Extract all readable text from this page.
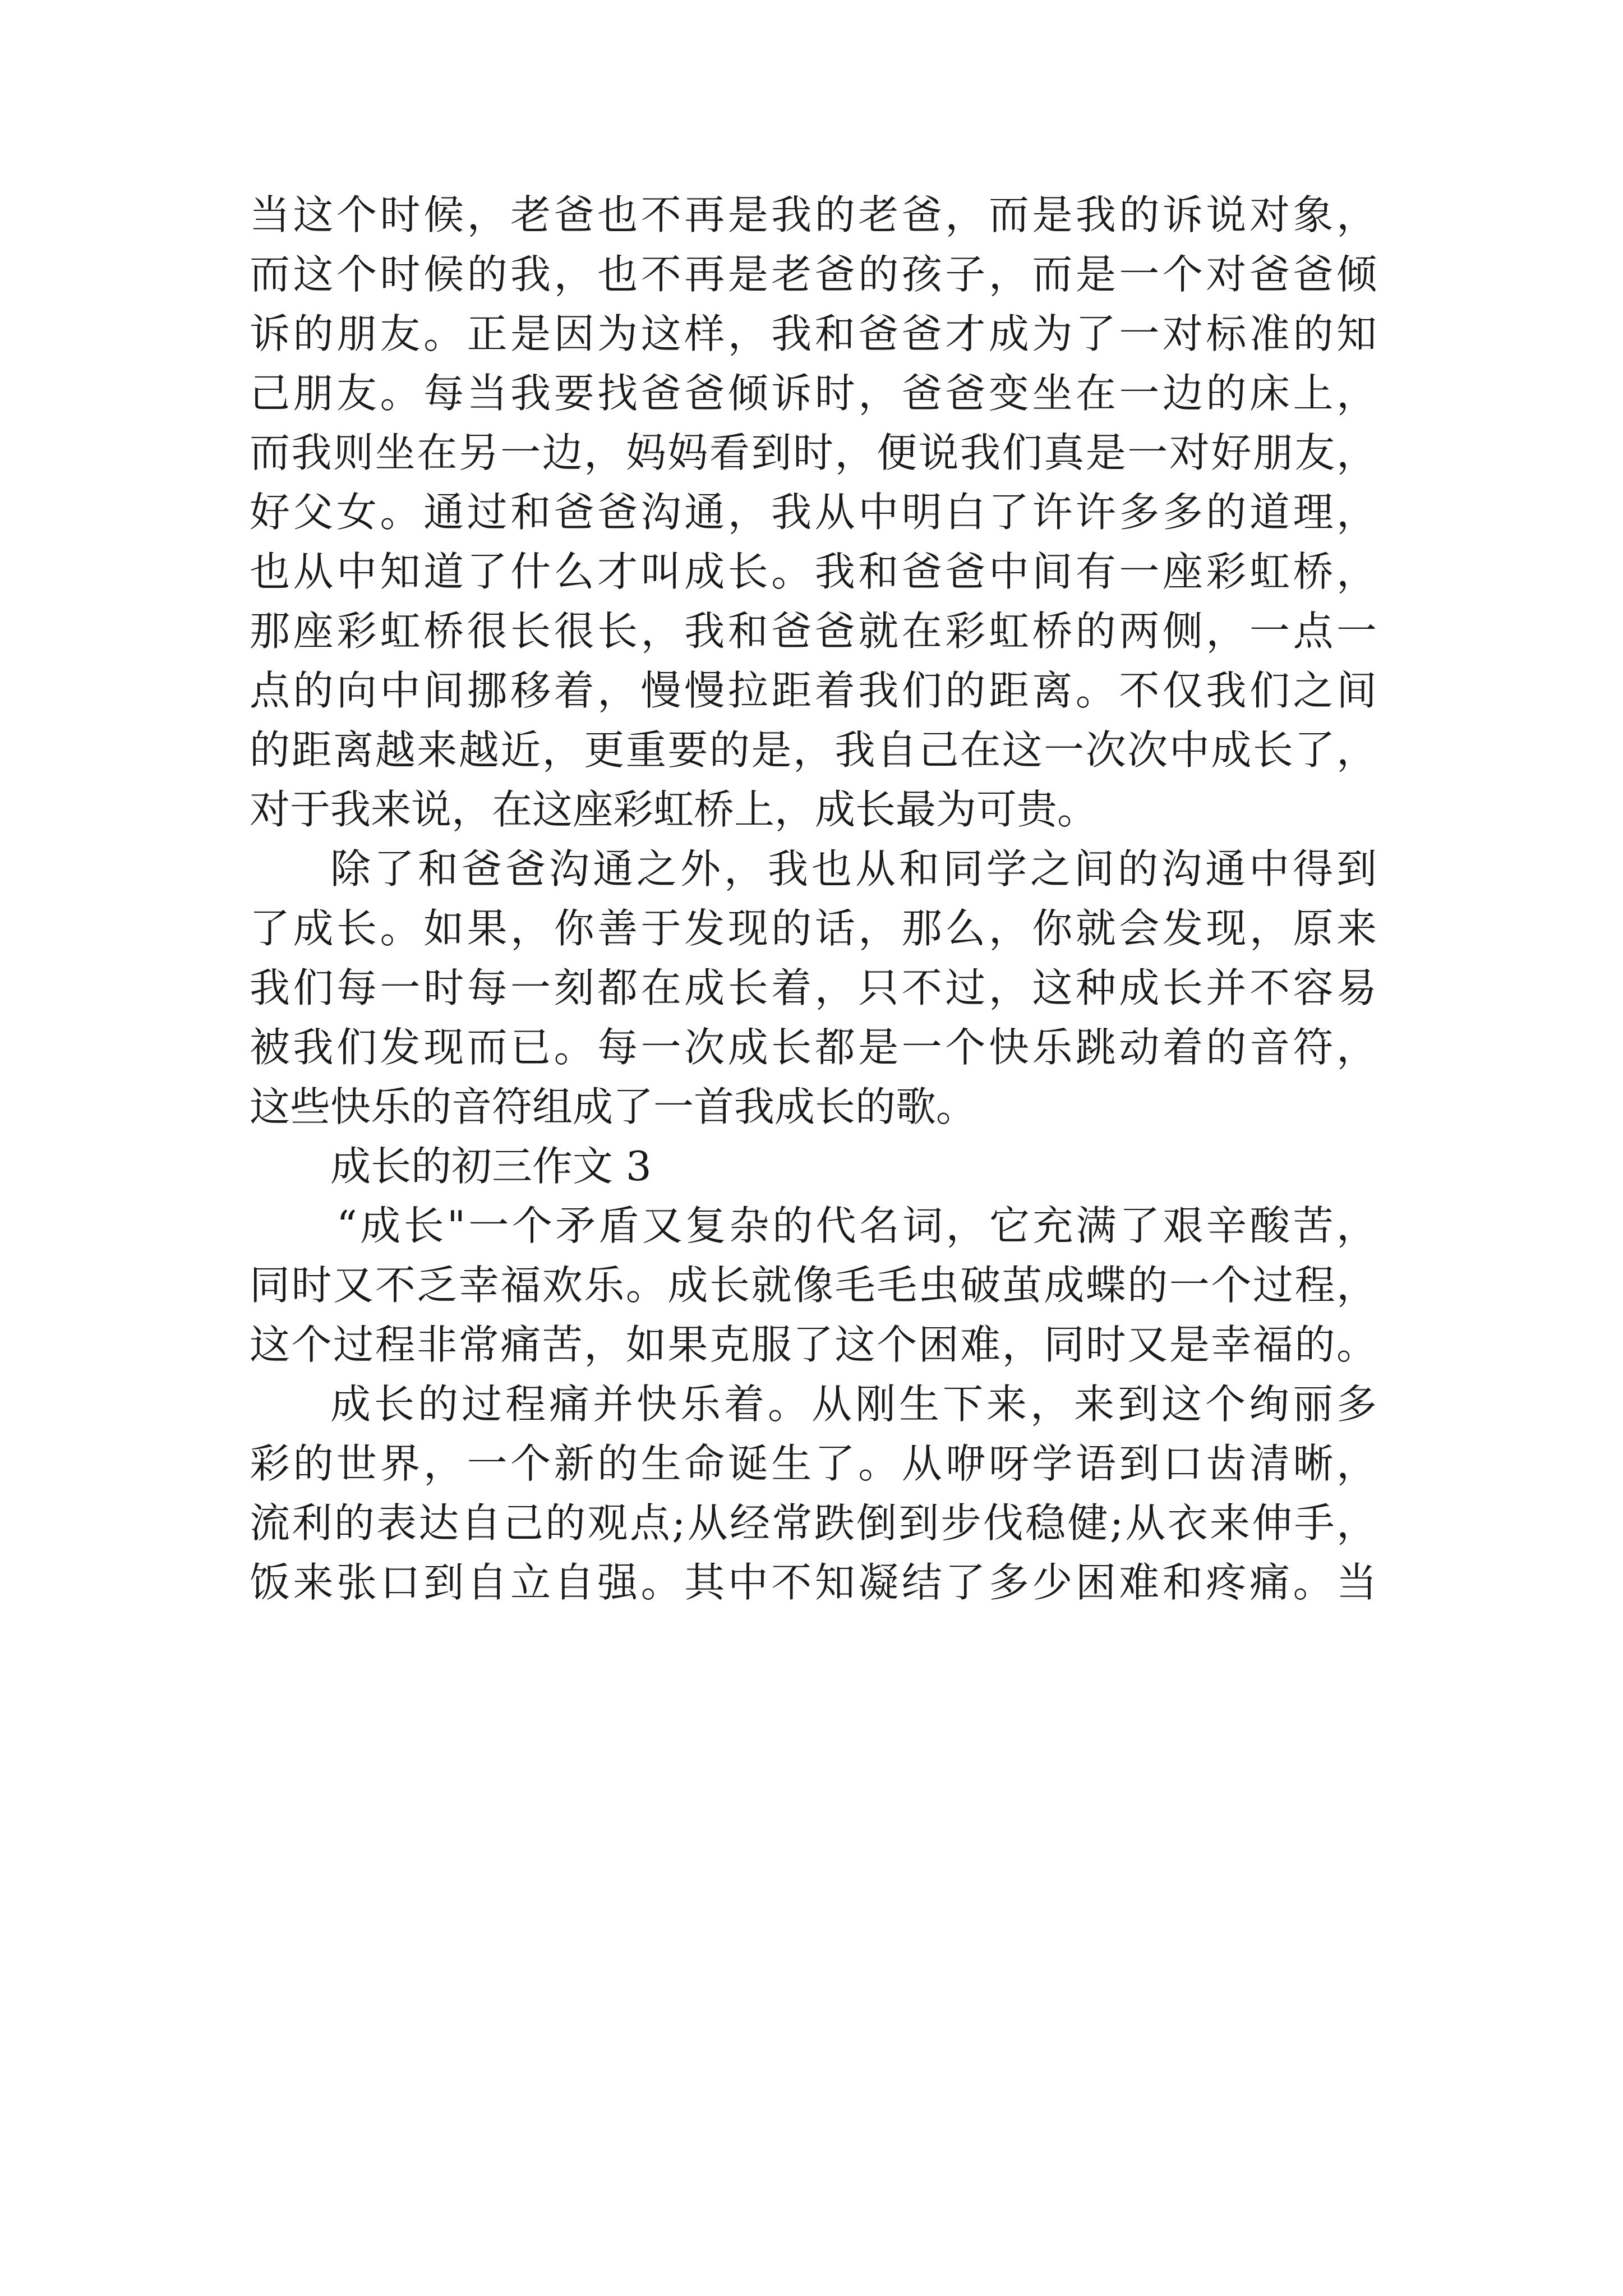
当这个时候，老爸也不再是我的老爸，而是我的诉说对象，
而这个时候的我，也不再是老爸的孩子，而是一个对爸爸倾
诉的朋友。正是因为这样，我和爸爸才成为了一对标准的知
己朋友。每当我要找爸爸倾诉时，爸爸变坐在一边的床上，
而我则坐在另一边，妈妈看到时，便说我们真是一对好朋友，
好父女。通过和爸爸沟通，我从中明白了许许多多的道理，
也从中知道了什么才叫成长。我和爸爸中间有一座彩虹桥，
那座彩虹桥很长很长，我和爸爸就在彩虹桥的两侧，一点一
点的向中间挪移着，慢慢拉距着我们的距离。不仅我们之间
的距离越来越近，更重要的是，我自己在这一次次中成长了，
对于我来说，在这座彩虹桥上，成长最为可贵。
除了和爸爸沟通之外，我也从和同学之间的沟通中得到
了成长。如果，你善于发现的话，那么，你就会发现，原来
我们每一时每一刻都在成长着，只不过，这种成长并不容易
被我们发现而已。每一次成长都是一个快乐跳动着的音符，
这些快乐的音符组成了一首我成长的歌。
成长的初三作文 3
“成长"一个矛盾又复杂的代名词，它充满了艰辛酸苦，
同时又不乏幸福欢乐。成长就像毛毛虫破茧成蝶的一个过程，
这个过程非常痛苦，如果克服了这个困难，同时又是幸福的。
成长的过程痛并快乐着。从刚生下来，来到这个绚丽多
彩的世界，一个新的生命诞生了。从咿呀学语到口齿清晰，
流利的表达自己的观点;从经常跌倒到步伐稳健;从衣来伸手，
饭来张口到自立自强。其中不知凝结了多少困难和疼痛。当
